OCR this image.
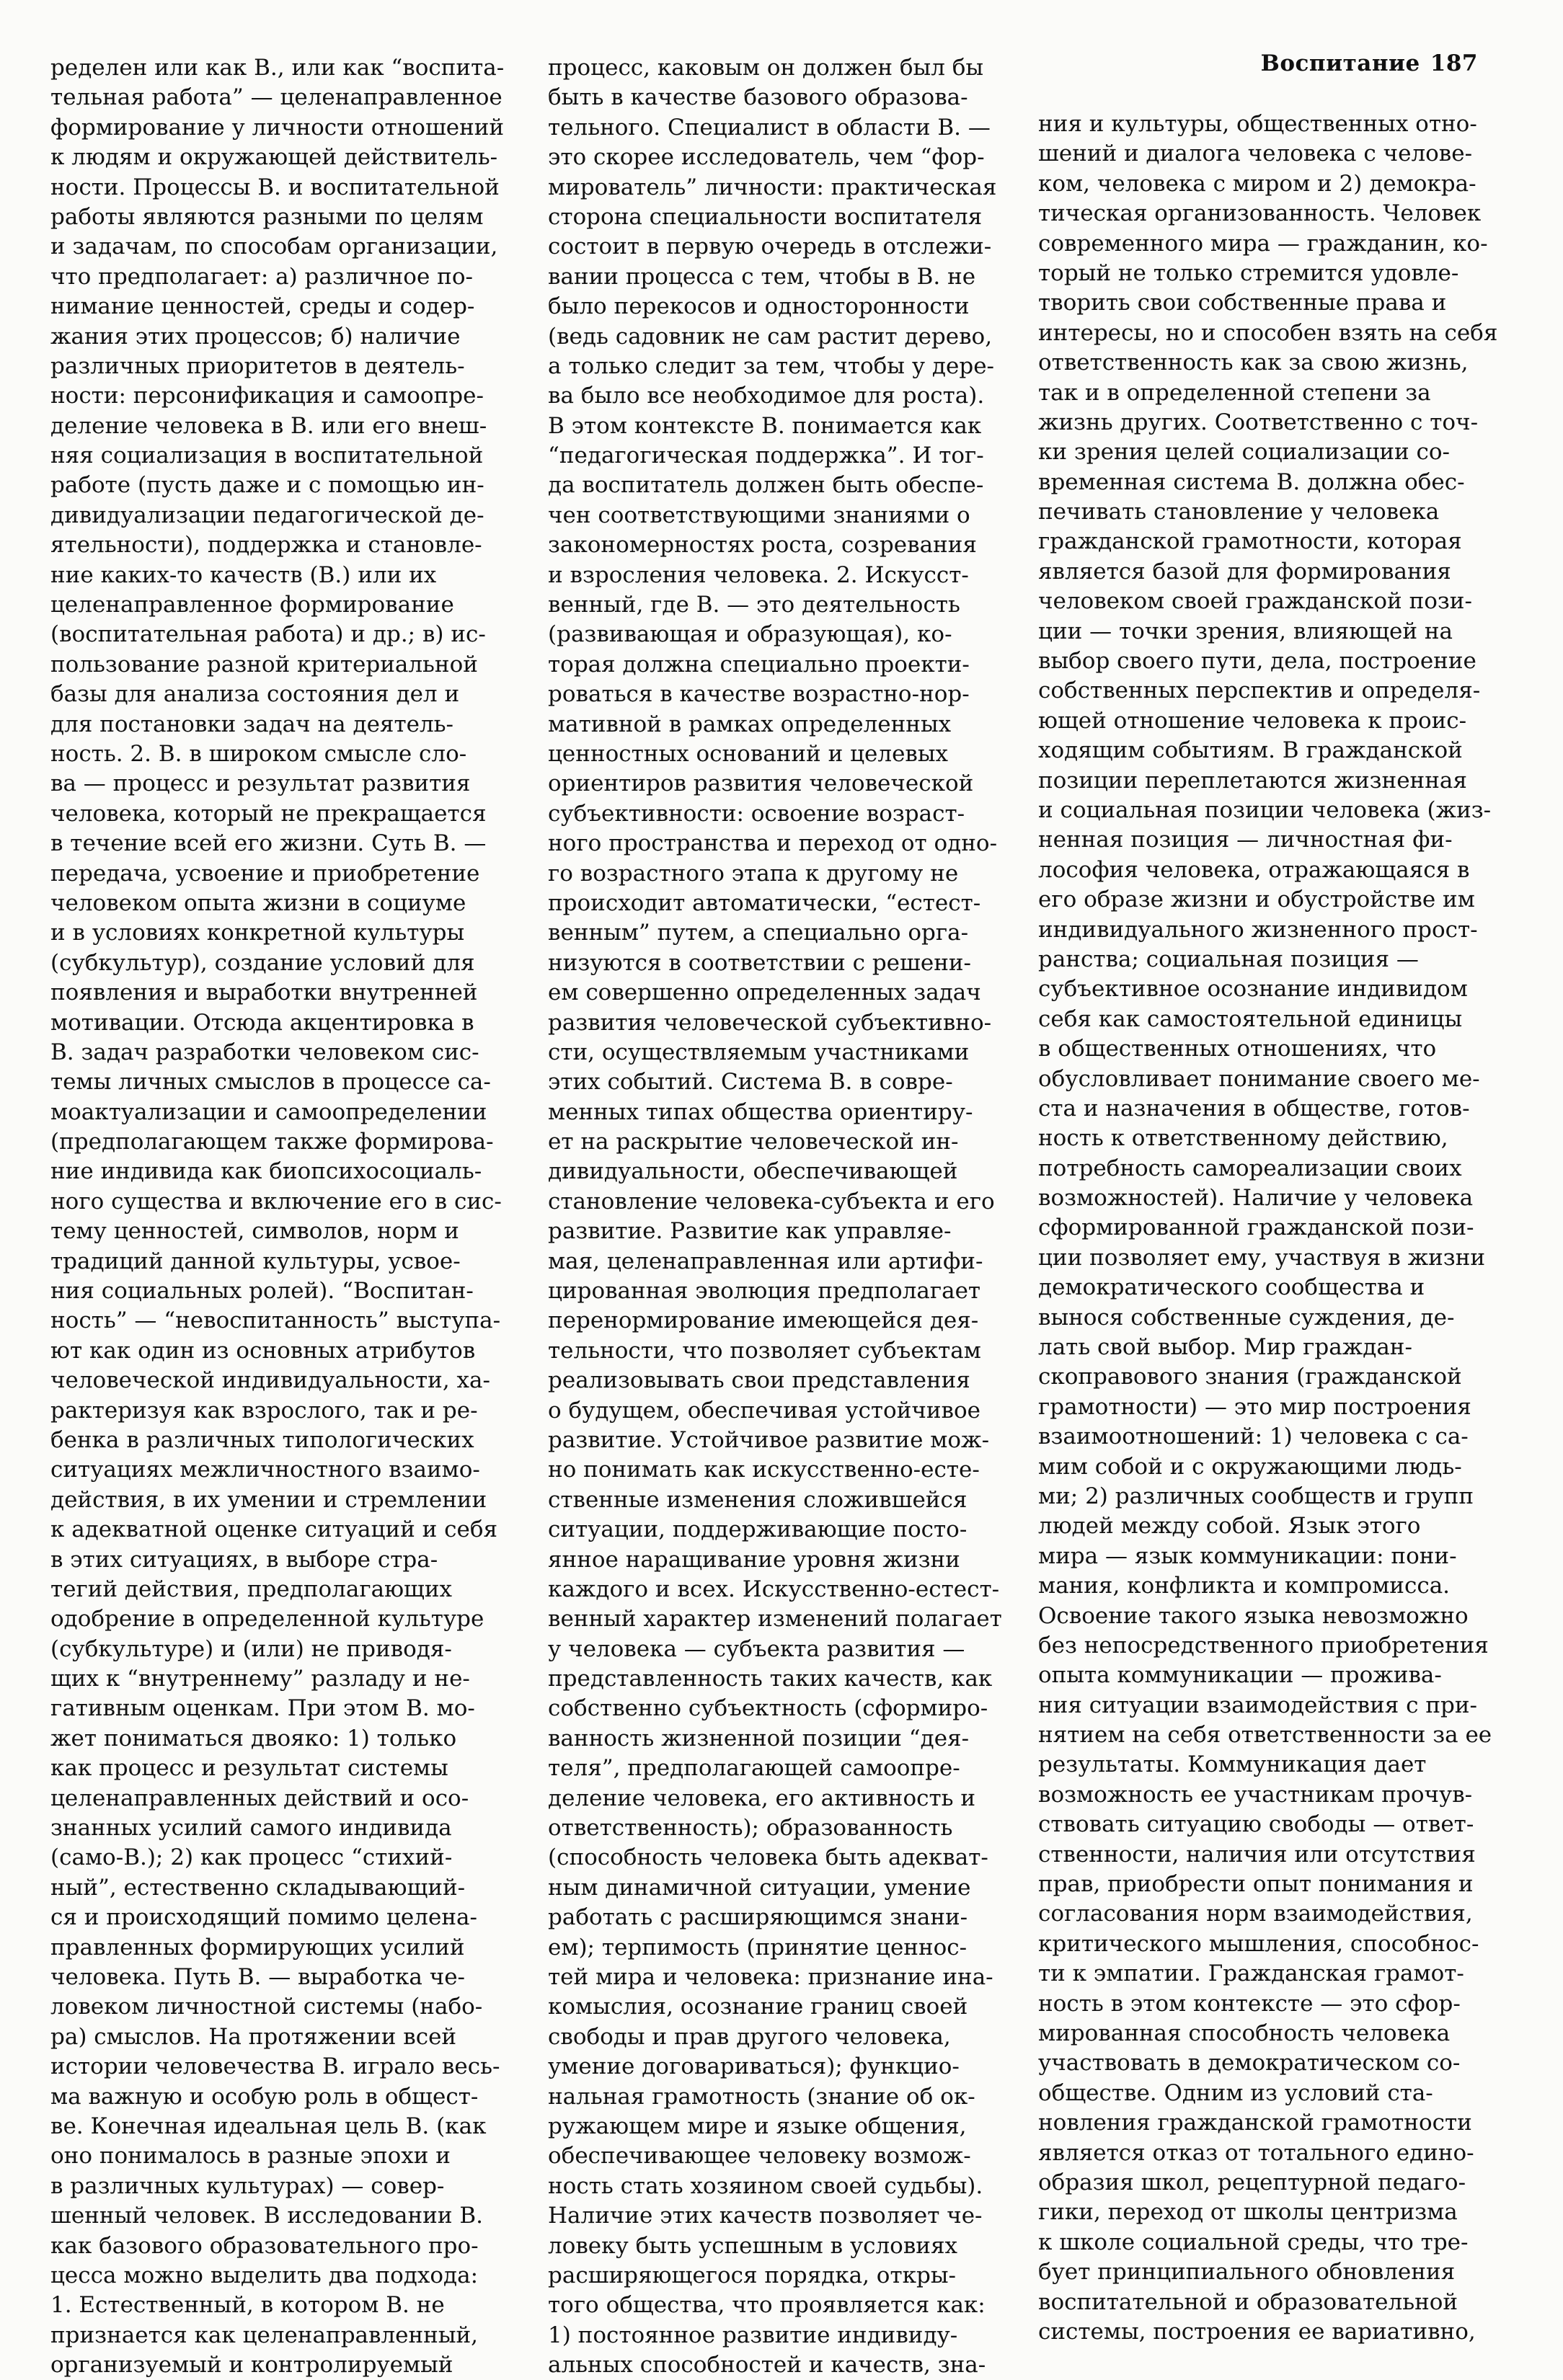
Воспитание 187
ределен или как В., или как “воспита-
тельная работа” — целенаправленное
формирование у личности отношений
к людям и окружающей действитель-
ности. Процессы В. и воспитательной
работы являются разными по целям
и задачам, по способам организации,
что предполагает: а) различное по-
нимание ценностей, среды и содер-
жания этих процессов; б) наличие
различных приоритетов в деятель-
ности: персонификация и самоопре-
деление человека в В. или его внеш-
няя социализация в воспитательной
работе (пусть даже и с помощью ин-
дивидуализации педагогической де-
ятельности), поддержка и становле-
ние каких-то качеств (В.) или их
целенаправленное формирование
(воспитательная работа) и др.; в) ис-
пользование разной критериальной
базы для анализа состояния дел и
для постановки задач на деятель-
ность. 2. В. в широком смысле сло-
ва — процесс и результат развития
человека, который не прекращается
в течение всей его жизни. Суть В. —
передача, усвоение и приобретение
человеком опыта жизни в социуме
и в условиях конкретной культуры
(субкультур), создание условий для
появления и выработки внутренней
мотивации. Отсюда акцентировка в
В. задач разработки человеком сис-
темы личных смыслов в процессе са-
моактуализации и самоопределении
(предполагающем также формирова-
ние индивида как биопсихосоциаль-
ного существа и включение его в сис-
тему ценностей, символов, норм и
традиций данной культуры, усвое-
ния социальных ролей). “Воспитан-
ность” — “невоспитанность” выступа-
ют как один из основных атрибутов
человеческой индивидуальности, ха-
рактеризуя как взрослого, так и ре-
бенка в различных типологических
ситуациях межличностного взаимо-
действия, в их умении и стремлении
к адекватной оценке ситуаций и себя
в этих ситуациях, в выборе стра-
тегий действия, предполагающих
одобрение в определенной культуре
(субкультуре) и (или) не приводя-
щих к “внутреннему” разладу и не-
гативным оценкам. При этом В. мо-
жет пониматься двояко: 1) только
как процесс и результат системы
целенаправленных действий и осо-
знанных усилий самого индивида
(само-В.); 2) как процесс “стихий-
ный”, естественно складывающий-
ся и происходящий помимо целена-
правленных формирующих усилий
человека. Путь В. — выработка че-
ловеком личностной системы (набо-
ра) смыслов. На протяжении всей
истории человечества В. играло весь-
ма важную и особую роль в общест-
ве. Конечная идеальная цель В. (как
оно понималось в разные эпохи и
в различных культурах) — совер-
шенный человек. В исследовании В.
как базового образовательного про-
цесса можно выделить два подхода:
1. Естественный, в котором В. не
признается как целенаправленный,
организуемый и контролируемый
процесс, каковым он должен был бы
быть в качестве базового образова-
тельного. Специалист в области В. —
это скорее исследователь, чем “фор-
мирователь” личности: практическая
сторона специальности воспитателя
состоит в первую очередь в отслежи-
вании процесса с тем, чтобы в В. не
было перекосов и односторонности
(ведь садовник не сам растит дерево,
а только следит за тем, чтобы у дере-
ва было все необходимое для роста).
В этом контексте В. понимается как
“педагогическая поддержка”. И тог-
да воспитатель должен быть обеспе-
чен соответствующими знаниями о
закономерностях роста, созревания
и взросления человека. 2. Искусст-
венный, где В. — это деятельность
(развивающая и образующая), ко-
торая должна специально проекти-
роваться в качестве возрастно-нор-
мативной в рамках определенных
ценностных оснований и целевых
ориентиров развития человеческой
субъективности: освоение возраст-
ного пространства и переход от одно-
го возрастного этапа к другому не
происходит автоматически, “естест-
венным” путем, а специально орга-
низуются в соответствии с решени-
ем совершенно определенных задач
развития человеческой субъективно-
сти, осуществляемым участниками
этих событий. Система В. в совре-
менных типах общества ориентиру-
ет на раскрытие человеческой ин-
дивидуальности, обеспечивающей
становление человека-субъекта и его
развитие. Развитие как управляе-
мая, целенаправленная или артифи-
цированная эволюция предполагает
перенормирование имеющейся дея-
тельности, что позволяет субъектам
реализовывать свои представления
о будущем, обеспечивая устойчивое
развитие. Устойчивое развитие мож-
но понимать как искусственно-есте-
ственные изменения сложившейся
ситуации, поддерживающие посто-
янное наращивание уровня жизни
каждого и всех. Искусственно-естест-
венный характер изменений полагает
у человека — субъекта развития —
представленность таких качеств, как
собственно субъектность (сформиро-
ванность жизненной позиции “дея-
теля”, предполагающей самоопре-
деление человека, его активность и
ответственность); образованность
(способность человека быть адекват-
ным динамичной ситуации, умение
работать с расширяющимся знани-
ем); терпимость (принятие ценнос-
тей мира и человека: признание ина-
комыслия, осознание границ своей
свободы и прав другого человека,
умение договариваться); функцио-
нальная грамотность (знание об ок-
ружающем мире и языке общения,
обеспечивающее человеку возмож-
ность стать хозяином своей судьбы).
Наличие этих качеств позволяет че-
ловеку быть успешным в условиях
расширяющегося порядка, откры-
того общества, что проявляется как:
1) постоянное развитие индивиду-
альных способностей и качеств, зна-
ния и культуры, общественных отно-
шений и диалога человека с челове-
ком, человека с миром и 2) демокра-
тическая организованность. Человек
современного мира — гражданин, ко-
торый не только стремится удовле-
творить свои собственные права и
интересы, но и способен взять на себя
ответственность как за свою жизнь,
так и в определенной степени за
жизнь других. Соответственно с точ-
ки зрения целей социализации со-
временная система В. должна обес-
печивать становление у человека
гражданской грамотности, которая
является базой для формирования
человеком своей гражданской пози-
ции — точки зрения, влияющей на
выбор своего пути, дела, построение
собственных перспектив и определя-
ющей отношение человека к проис-
ходящим событиям. В гражданской
позиции переплетаются жизненная
и социальная позиции человека (жиз-
ненная позиция — личностная фи-
лософия человека, отражающаяся в
его образе жизни и обустройстве им
индивидуального жизненного прост-
ранства; социальная позиция —
субъективное осознание индивидом
себя как самостоятельной единицы
в общественных отношениях, что
обусловливает понимание своего ме-
ста и назначения в обществе, готов-
ность к ответственному действию,
потребность самореализации своих
возможностей). Наличие у человека
сформированной гражданской пози-
ции позволяет ему, участвуя в жизни
демократического сообщества и
вынося собственные суждения, де-
лать свой выбор. Мир граждан-
скоправового знания (гражданской
грамотности) — это мир построения
взаимоотношений: 1) человека с са-
мим собой и с окружающими людь-
ми; 2) различных сообществ и групп
людей между собой. Язык этого
мира — язык коммуникации: пони-
мания, конфликта и компромисса.
Освоение такого языка невозможно
без непосредственного приобретения
опыта коммуникации — прожива-
ния ситуации взаимодействия с при-
нятием на себя ответственности за ее
результаты. Коммуникация дает
возможность ее участникам прочув-
ствовать ситуацию свободы — ответ-
ственности, наличия или отсутствия
прав, приобрести опыт понимания и
согласования норм взаимодействия,
критического мышления, способнос-
ти к эмпатии. Гражданская грамот-
ность в этом контексте — это сфор-
мированная способность человека
участвовать в демократическом со-
обществе. Одним из условий ста-
новления гражданской грамотности
является отказ от тотального едино-
образия школ, рецептурной педаго-
гики, переход от школы центризма
к школе социальной среды, что тре-
бует принципиального обновления
воспитательной и образовательной
системы, построения ее вариативно,
